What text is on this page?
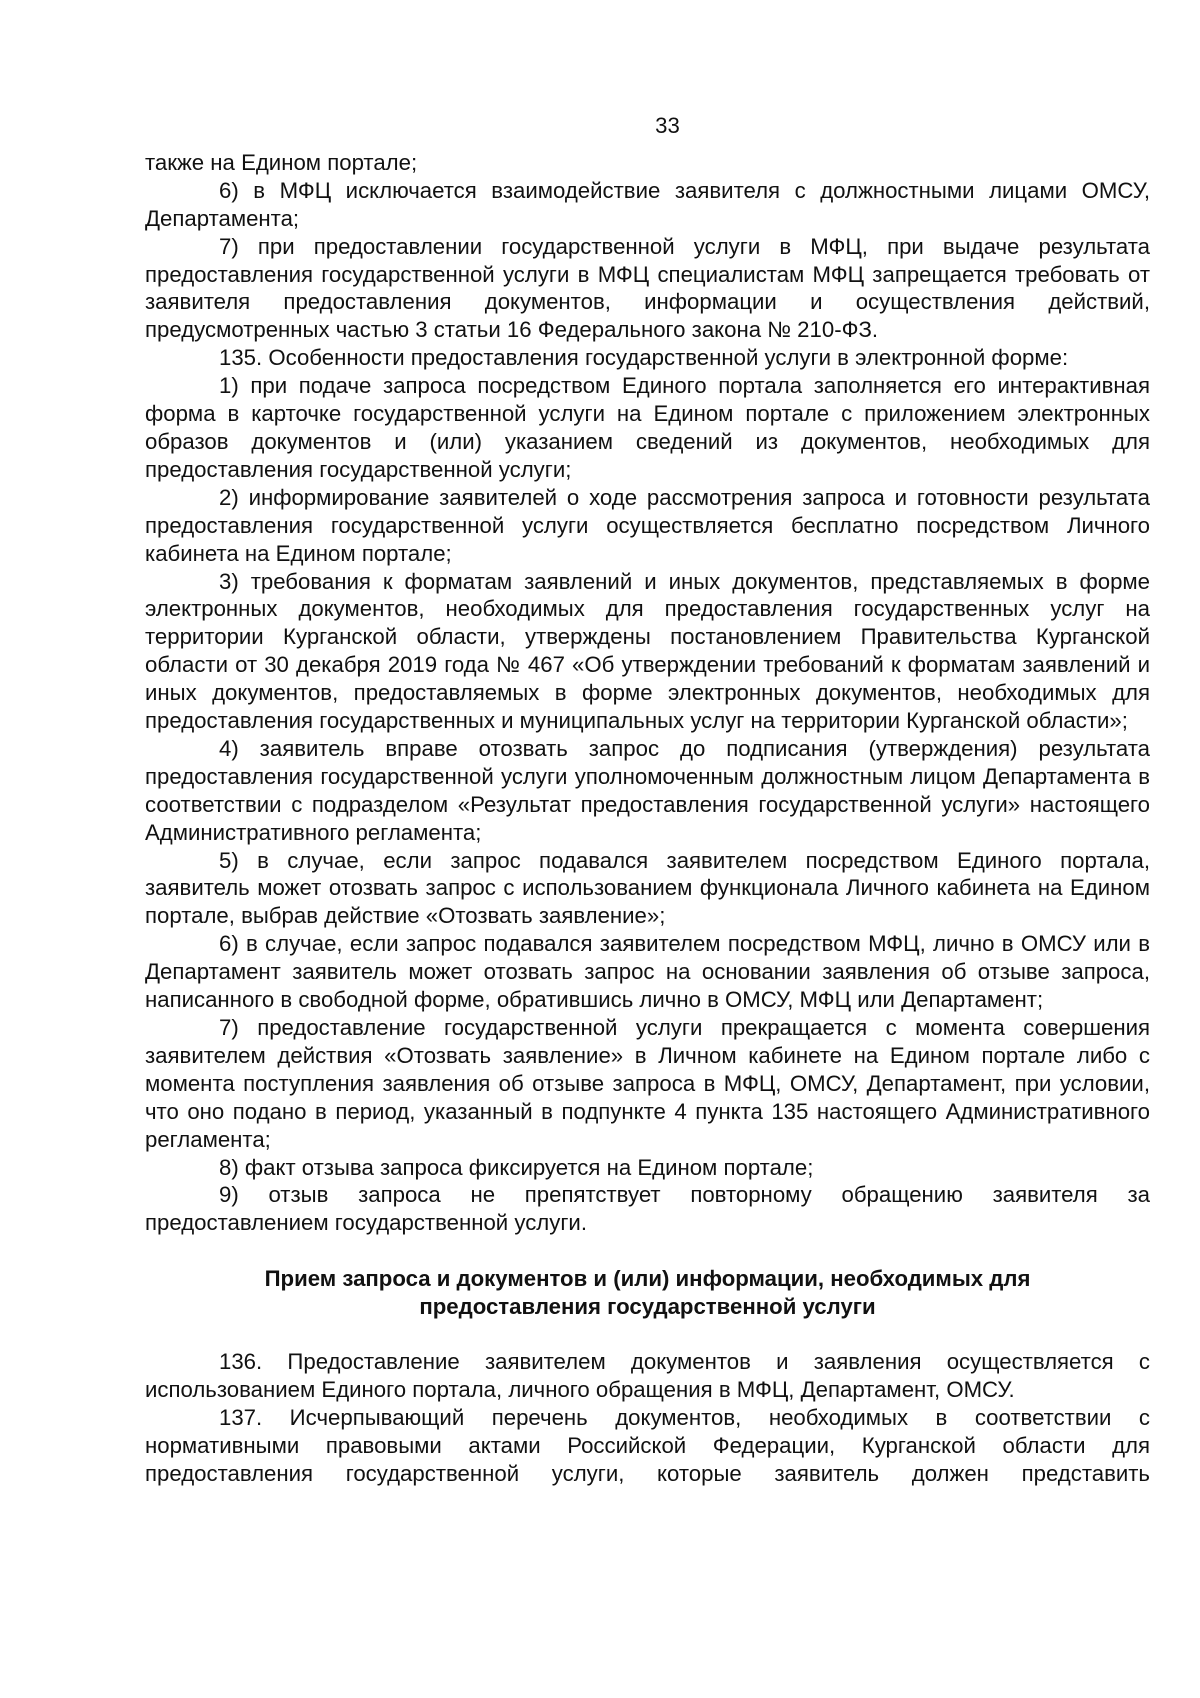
33

также на Едином портале;

6) в МФЦ исключается взаимодействие заявителя с должностными лицами ОМСУ, Департамента;

7) при предоставлении государственной услуги в МФЦ, при выдаче результата предоставления государственной услуги в МФЦ специалистам МФЦ запрещается требовать от заявителя предоставления документов, информации и осуществления действий, предусмотренных частью 3 статьи 16 Федерального закона № 210-ФЗ.

135. Особенности предоставления государственной услуги в электронной форме:

1) при подаче запроса посредством Единого портала заполняется его интерактивная форма в карточке государственной услуги на Едином портале с приложением электронных образов документов и (или) указанием сведений из документов, необходимых для предоставления государственной услуги;

2) информирование заявителей о ходе рассмотрения запроса и готовности результата предоставления государственной услуги осуществляется бесплатно посредством Личного кабинета на Едином портале;

3) требования к форматам заявлений и иных документов, представляемых в форме электронных документов, необходимых для предоставления государственных услуг на территории Курганской области, утверждены постановлением Правительства Курганской области от 30 декабря 2019 года № 467 «Об утверждении требований к форматам заявлений и иных документов, предоставляемых в форме электронных документов, необходимых для предоставления государственных и муниципальных услуг на территории Курганской области»;

4) заявитель вправе отозвать запрос до подписания (утверждения) результата предоставления государственной услуги уполномоченным должностным лицом Департамента в соответствии с подразделом «Результат предоставления государственной услуги» настоящего Административного регламента;

5) в случае, если запрос подавался заявителем посредством Единого портала, заявитель может отозвать запрос с использованием функционала Личного кабинета на Едином портале, выбрав действие «Отозвать заявление»;

6) в случае, если запрос подавался заявителем посредством МФЦ, лично в ОМСУ или в Департамент заявитель может отозвать запрос на основании заявления об отзыве запроса, написанного в свободной форме, обратившись лично в ОМСУ, МФЦ или Департамент;

7) предоставление государственной услуги прекращается с момента совершения заявителем действия «Отозвать заявление» в Личном кабинете на Едином портале либо с момента поступления заявления об отзыве запроса в МФЦ, ОМСУ, Департамент, при условии, что оно подано в период, указанный в подпункте 4 пункта 135 настоящего Административного регламента;

8) факт отзыва запроса фиксируется на Едином портале;

9) отзыв запроса не препятствует повторному обращению заявителя за предоставлением государственной услуги.

Прием запроса и документов и (или) информации, необходимых для
предоставления государственной услуги

136. Предоставление заявителем документов и заявления осуществляется с использованием Единого портала, личного обращения в МФЦ, Департамент, ОМСУ.

137. Исчерпывающий перечень документов, необходимых в соответствии с нормативными правовыми актами Российской Федерации, Курганской области для предоставления государственной услуги, которые заявитель должен представить
